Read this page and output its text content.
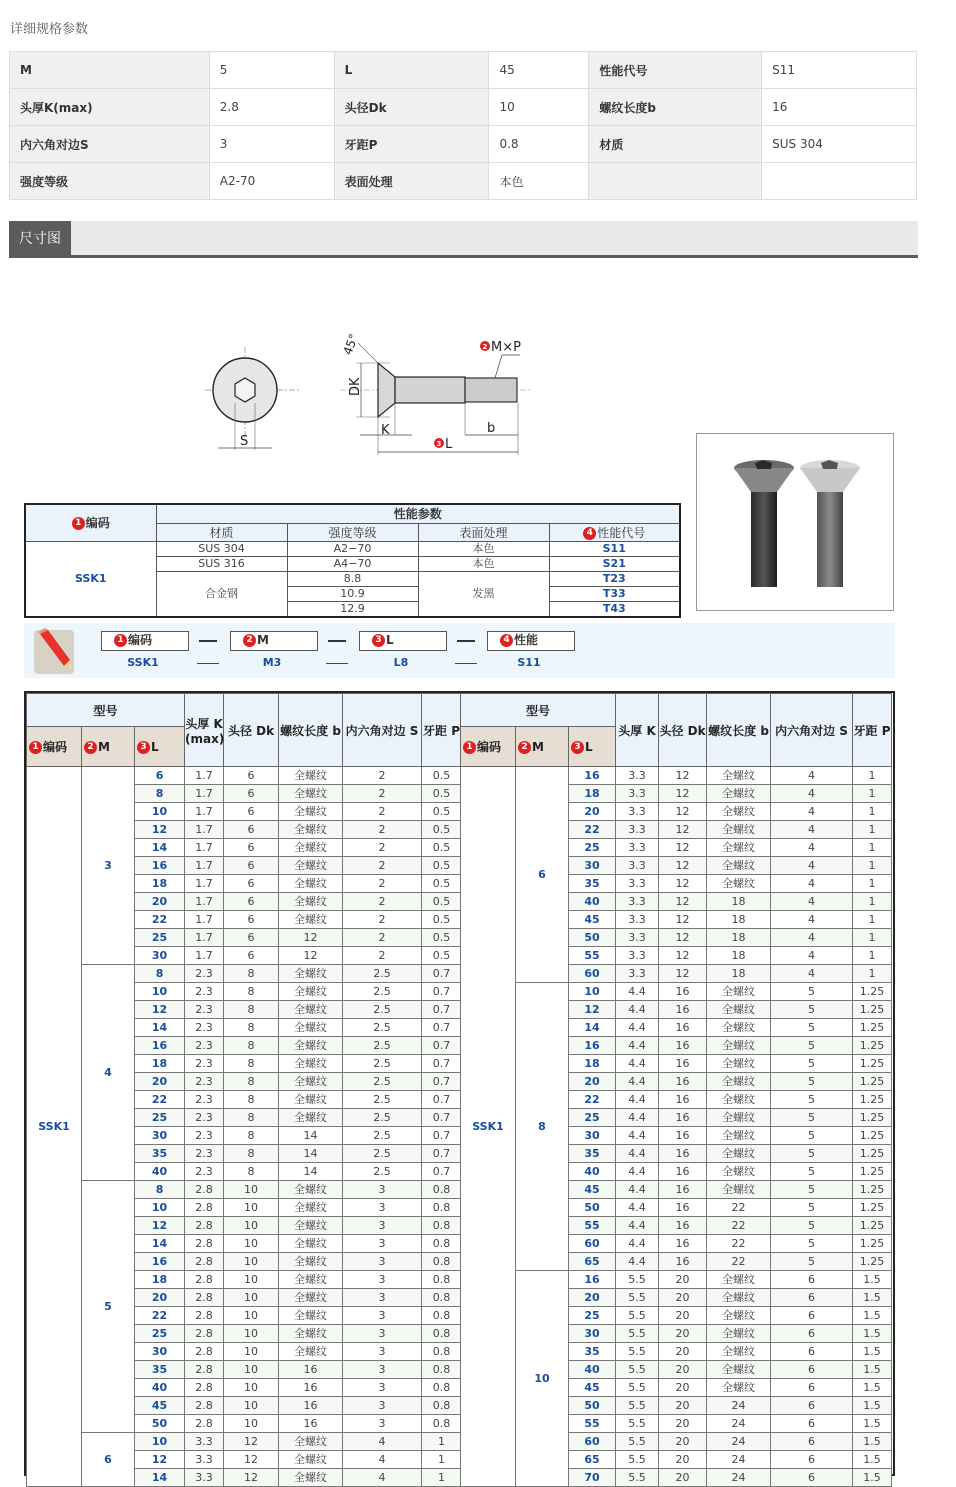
详细规格参数
M	5	L	45	性能代号	S11
头厚K(max)	2.8	头径Dk	10	螺纹长度b	16
内六角对边S	3	牙距P	0.8	材质	SUS 304
强度等级	A2-70	表面处理	本色		
尺寸图
S
45°
DK
K	b
3 L
2 M×P
1 编码	性能参数			
	材质	强度等级	表面处理	4 性能代号
SSK1	SUS 304	A2−70	本色	S11
	SUS 316	A4−70	本色	S21
	合金钢	8.8	发黑	T23
		10.9		T33
		12.9		T43
1 编码
SSK1
2 M
M3
3 L
L8
4 性能
S11
型号			头厚 K (max)	头径 Dk	螺纹长度 b	内六角对边 S	牙距 P
1 编码	2 M	3 L					
SSK1	3	6	1.7	6	全螺纹	2	0.5
		8	1.7	6	全螺纹	2	0.5
		10	1.7	6	全螺纹	2	0.5
		12	1.7	6	全螺纹	2	0.5
		14	1.7	6	全螺纹	2	0.5
		16	1.7	6	全螺纹	2	0.5
		18	1.7	6	全螺纹	2	0.5
		20	1.7	6	全螺纹	2	0.5
		22	1.7	6	全螺纹	2	0.5
		25	1.7	6	12	2	0.5
		30	1.7	6	12	2	0.5
	4	8	2.3	8	全螺纹	2.5	0.7
		10	2.3	8	全螺纹	2.5	0.7
		12	2.3	8	全螺纹	2.5	0.7
		14	2.3	8	全螺纹	2.5	0.7
		16	2.3	8	全螺纹	2.5	0.7
		18	2.3	8	全螺纹	2.5	0.7
		20	2.3	8	全螺纹	2.5	0.7
		22	2.3	8	全螺纹	2.5	0.7
		25	2.3	8	全螺纹	2.5	0.7
		30	2.3	8	14	2.5	0.7
		35	2.3	8	14	2.5	0.7
		40	2.3	8	14	2.5	0.7
	5	8	2.8	10	全螺纹	3	0.8
		10	2.8	10	全螺纹	3	0.8
		12	2.8	10	全螺纹	3	0.8
		14	2.8	10	全螺纹	3	0.8
		16	2.8	10	全螺纹	3	0.8
		18	2.8	10	全螺纹	3	0.8
		20	2.8	10	全螺纹	3	0.8
		22	2.8	10	全螺纹	3	0.8
		25	2.8	10	全螺纹	3	0.8
		30	2.8	10	全螺纹	3	0.8
		35	2.8	10	16	3	0.8
		40	2.8	10	16	3	0.8
		45	2.8	10	16	3	0.8
		50	2.8	10	16	3	0.8
	6	10	3.3	12	全螺纹	4	1
		12	3.3	12	全螺纹	4	1
		14	3.3	12	全螺纹	4	1
型号			头厚 K	头径 Dk	螺纹长度 b	内六角对边 S	牙距 P
1 编码	2 M	3 L					
SSK1	6	16	3.3	12	全螺纹	4	1
		18	3.3	12	全螺纹	4	1
		20	3.3	12	全螺纹	4	1
		22	3.3	12	全螺纹	4	1
		25	3.3	12	全螺纹	4	1
		30	3.3	12	全螺纹	4	1
		35	3.3	12	全螺纹	4	1
		40	3.3	12	18	4	1
		45	3.3	12	18	4	1
		50	3.3	12	18	4	1
		55	3.3	12	18	4	1
		60	3.3	12	18	4	1
	8	10	4.4	16	全螺纹	5	1.25
		12	4.4	16	全螺纹	5	1.25
		14	4.4	16	全螺纹	5	1.25
		16	4.4	16	全螺纹	5	1.25
		18	4.4	16	全螺纹	5	1.25
		20	4.4	16	全螺纹	5	1.25
		22	4.4	16	全螺纹	5	1.25
		25	4.4	16	全螺纹	5	1.25
		30	4.4	16	全螺纹	5	1.25
		35	4.4	16	全螺纹	5	1.25
		40	4.4	16	全螺纹	5	1.25
		45	4.4	16	全螺纹	5	1.25
		50	4.4	16	22	5	1.25
		55	4.4	16	22	5	1.25
		60	4.4	16	22	5	1.25
		65	4.4	16	22	5	1.25
	10	16	5.5	20	全螺纹	6	1.5
		20	5.5	20	全螺纹	6	1.5
		25	5.5	20	全螺纹	6	1.5
		30	5.5	20	全螺纹	6	1.5
		35	5.5	20	全螺纹	6	1.5
		40	5.5	20	全螺纹	6	1.5
		45	5.5	20	全螺纹	6	1.5
		50	5.5	20	24	6	1.5
		55	5.5	20	24	6	1.5
		60	5.5	20	24	6	1.5
		65	5.5	20	24	6	1.5
		70	5.5	20	24	6	1.5
